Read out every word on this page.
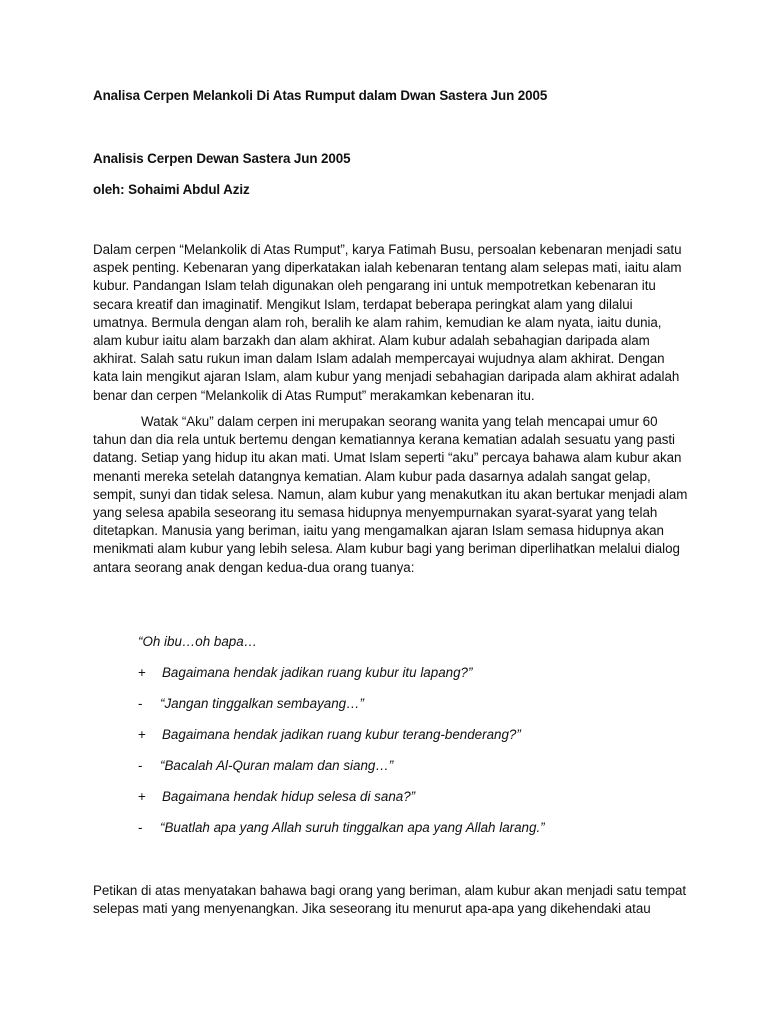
Analisa Cerpen Melankoli Di Atas Rumput dalam Dwan Sastera Jun 2005
Analisis Cerpen Dewan Sastera Jun 2005
oleh: Sohaimi Abdul Aziz
Dalam cerpen “Melankolik di Atas Rumput”, karya Fatimah Busu, persoalan kebenaran menjadi satu
aspek penting. Kebenaran yang diperkatakan ialah kebenaran tentang alam selepas mati, iaitu alam
kubur. Pandangan Islam telah digunakan oleh pengarang ini untuk mempotretkan kebenaran itu
secara kreatif dan imaginatif. Mengikut Islam, terdapat beberapa peringkat alam yang dilalui
umatnya. Bermula dengan alam roh, beralih ke alam rahim, kemudian ke alam nyata, iaitu dunia,
alam kubur iaitu alam barzakh dan alam akhirat. Alam kubur adalah sebahagian daripada alam
akhirat. Salah satu rukun iman dalam Islam adalah mempercayai wujudnya alam akhirat. Dengan
kata lain mengikut ajaran Islam, alam kubur yang menjadi sebahagian daripada alam akhirat adalah
benar dan cerpen “Melankolik di Atas Rumput” merakamkan kebenaran itu.
Watak “Aku” dalam cerpen ini merupakan seorang wanita yang telah mencapai umur 60
tahun dan dia rela untuk bertemu dengan kematiannya kerana kematian adalah sesuatu yang pasti
datang. Setiap yang hidup itu akan mati. Umat Islam seperti “aku” percaya bahawa alam kubur akan
menanti mereka setelah datangnya kematian. Alam kubur pada dasarnya adalah sangat gelap,
sempit, sunyi dan tidak selesa. Namun, alam kubur yang menakutkan itu akan bertukar menjadi alam
yang selesa apabila seseorang itu semasa hidupnya menyempurnakan syarat-syarat yang telah
ditetapkan. Manusia yang beriman, iaitu yang mengamalkan ajaran Islam semasa hidupnya akan
menikmati alam kubur yang lebih selesa. Alam kubur bagi yang beriman diperlihatkan melalui dialog
antara seorang anak dengan kedua-dua orang tuanya:
“Oh ibu…oh bapa…
+ Bagaimana hendak jadikan ruang kubur itu lapang?”
- “Jangan tinggalkan sembayang…”
+ Bagaimana hendak jadikan ruang kubur terang-benderang?”
- “Bacalah Al-Quran malam dan siang…”
+ Bagaimana hendak hidup selesa di sana?”
- “Buatlah apa yang Allah suruh tinggalkan apa yang Allah larang.”
Petikan di atas menyatakan bahawa bagi orang yang beriman, alam kubur akan menjadi satu tempat
selepas mati yang menyenangkan. Jika seseorang itu menurut apa-apa yang dikehendaki atau
